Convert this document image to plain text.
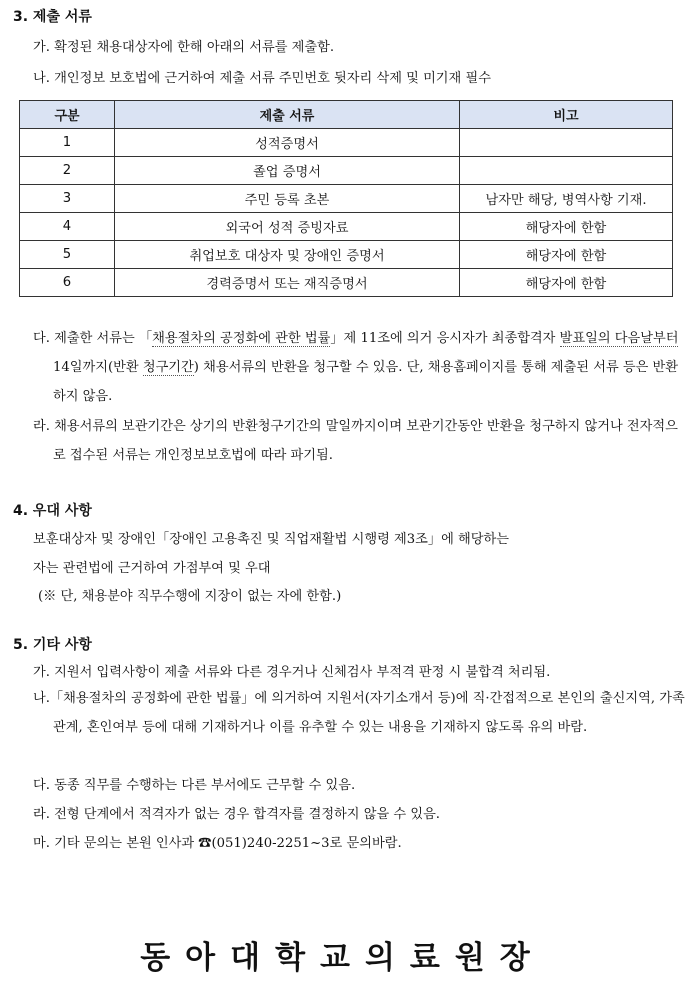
3. 제출 서류
가. 확정된 채용대상자에 한해 아래의 서류를 제출함.
나. 개인정보 보호법에 근거하여 제출 서류 주민번호 뒷자리 삭제 및 미기재 필수
구분	제출 서류	비고
1	성적증명서	
2	졸업 증명서	
3	주민 등록 초본	남자만 해당, 병역사항 기재.
4	외국어 성적 증빙자료	해당자에 한함
5	취업보호 대상자 및 장애인 증명서	해당자에 한함
6	경력증명서 또는 재직증명서	해당자에 한함
다. 제출한 서류는 「채용절차의 공정화에 관한 법률」제 11조에 의거 응시자가 최종합격자 발표일의 다음날부터 14일까지(반환 청구기간) 채용서류의 반환을 청구할 수 있음. 단, 채용홈페이지를 통해 제출된 서류 등은 반환하지 않음.
라. 채용서류의 보관기간은 상기의 반환청구기간의 말일까지이며 보관기간동안 반환을 청구하지 않거나 전자적으로 접수된 서류는 개인정보보호법에 따라 파기됨.
4. 우대 사항
보훈대상자 및 장애인「장애인 고용촉진 및 직업재활법 시행령 제3조」에 해당하는
자는 관련법에 근거하여 가점부여 및 우대
(※ 단, 채용분야 직무수행에 지장이 없는 자에 한함.)
5. 기타 사항
가. 지원서 입력사항이 제출 서류와 다른 경우거나 신체검사 부적격 판정 시 불합격 처리됨.
나.「채용절차의 공정화에 관한 법률」에 의거하여 지원서(자기소개서 등)에 직·간접적으로 본인의 출신지역, 가족관계, 혼인여부 등에 대해 기재하거나 이를 유추할 수 있는 내용을 기재하지 않도록 유의 바람.
다. 동종 직무를 수행하는 다른 부서에도 근무할 수 있음.
라. 전형 단계에서 적격자가 없는 경우 합격자를 결정하지 않을 수 있음.
마. 기타 문의는 본원 인사과 ☎(051)240-2251~3로 문의바람.
동아대학교의료원장
